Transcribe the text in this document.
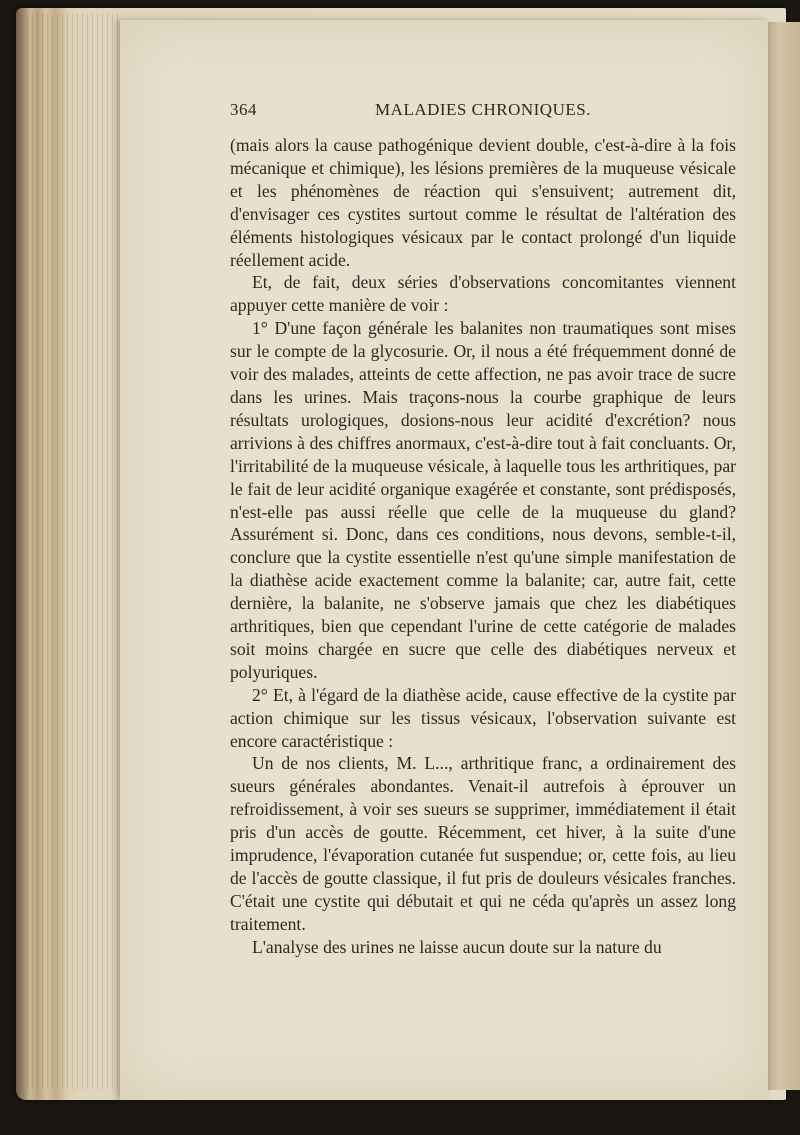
364	MALADIES CHRONIQUES.

(mais alors la cause pathogénique devient double, c'est-à-dire à la fois mécanique et chimique), les lésions premières de la muqueuse vésicale et les phénomènes de réaction qui s'ensuivent; autrement dit, d'envisager ces cystites surtout comme le résultat de l'altération des éléments histologiques vésicaux par le contact prolongé d'un liquide réellement acide.

Et, de fait, deux séries d'observations concomitantes viennent appuyer cette manière de voir :

1° D'une façon générale les balanites non traumatiques sont mises sur le compte de la glycosurie. Or, il nous a été fréquemment donné de voir des malades, atteints de cette affection, ne pas avoir trace de sucre dans les urines. Mais traçons-nous la courbe graphique de leurs résultats urologiques, dosions-nous leur acidité d'excrétion? nous arrivions à des chiffres anormaux, c'est-à-dire tout à fait concluants. Or, l'irritabilité de la muqueuse vésicale, à laquelle tous les arthritiques, par le fait de leur acidité organique exagérée et constante, sont prédisposés, n'est-elle pas aussi réelle que celle de la muqueuse du gland? Assurément si. Donc, dans ces conditions, nous devons, semble-t-il, conclure que la cystite essentielle n'est qu'une simple manifestation de la diathèse acide exactement comme la balanite; car, autre fait, cette dernière, la balanite, ne s'observe jamais que chez les diabétiques arthritiques, bien que cependant l'urine de cette catégorie de malades soit moins chargée en sucre que celle des diabétiques nerveux et polyuriques.

2° Et, à l'égard de la diathèse acide, cause effective de la cystite par action chimique sur les tissus vésicaux, l'observation suivante est encore caractéristique :

Un de nos clients, M. L..., arthritique franc, a ordinairement des sueurs générales abondantes. Venait-il autrefois à éprouver un refroidissement, à voir ses sueurs se supprimer, immédiatement il était pris d'un accès de goutte. Récemment, cet hiver, à la suite d'une imprudence, l'évaporation cutanée fut suspendue; or, cette fois, au lieu de l'accès de goutte classique, il fut pris de douleurs vésicales franches. C'était une cystite qui débutait et qui ne céda qu'après un assez long traitement.

L'analyse des urines ne laisse aucun doute sur la nature du
